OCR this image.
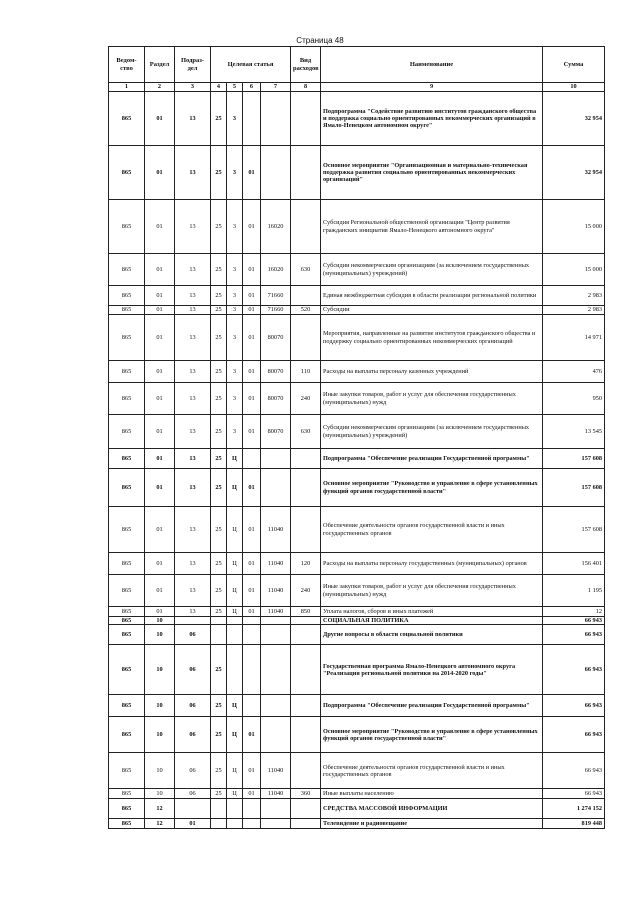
Страница 48
Ведом-ство	Раздел	Подраз-дел	Целевая статья				Вид расходов	Наименование	Сумма
1	2	3	4	5	6	7	8	9	10
865	01	13	25	3				Подпрограмма "Содействие развитию институтов гражданского общества и поддержка социально ориентированных некоммерческих организаций в Ямало-Ненецком автономном округе"	32 954
865	01	13	25	3	01			Основное мероприятие "Организационная и материально-техническая поддержка развития социально ориентированных некоммерческих организаций"	32 954
865	01	13	25	3	01	16020		Субсидия Региональной общественной организации "Центр развития гражданских инициатив Ямало-Ненецкого автономного округа"	15 000
865	01	13	25	3	01	16020	630	Субсидии некоммерческим организациям (за исключением государственных (муниципальных) учреждений)	15 000
865	01	13	25	3	01	71660		Единая межбюджетная субсидия в области реализации региональной политики	2 983
865	01	13	25	3	01	71660	520	Субсидии	2 983
865	01	13	25	3	01	80070		Мероприятия, направленные на развитие институтов гражданского общества и поддержку социально ориентированных некоммерческих организаций	14 971
865	01	13	25	3	01	80070	110	Расходы на выплаты персоналу казенных учреждений	476
865	01	13	25	3	01	80070	240	Иные закупки товаров, работ и услуг для обеспечения государственных (муниципальных) нужд	950
865	01	13	25	3	01	80070	630	Субсидии некоммерческим организациям (за исключением государственных (муниципальных) учреждений)	13 545
865	01	13	25	Ц				Подпрограмма "Обеспечение реализации Государственной программы"	157 608
865	01	13	25	Ц	01			Основное мероприятие "Руководство и управление в сфере установленных функций органов государственной власти"	157 608
865	01	13	25	Ц	01	11040		Обеспечение деятельности органов государственной власти и иных государственных органов	157 608
865	01	13	25	Ц	01	11040	120	Расходы на выплаты персоналу государственных (муниципальных) органов	156 401
865	01	13	25	Ц	01	11040	240	Иные закупки товаров, работ и услуг для обеспечения государственных (муниципальных) нужд	1 195
865	01	13	25	Ц	01	11040	850	Уплата налогов, сборов и иных платежей	12
865	10							СОЦИАЛЬНАЯ ПОЛИТИКА	66 943
865	10	06						Другие вопросы в области социальной политики	66 943
865	10	06	25					Государственная программа Ямало-Ненецкого автономного округа "Реализация региональной политики на 2014-2020 годы"	66 943
865	10	06	25	Ц				Подпрограмма "Обеспечение реализации Государственной программы"	66 943
865	10	06	25	Ц	01			Основное мероприятие "Руководство и управление в сфере установленных функций органов государственной власти"	66 943
865	10	06	25	Ц	01	11040		Обеспечение деятельности органов государственной власти и иных государственных органов	66 943
865	10	06	25	Ц	01	11040	360	Иные выплаты населению	66 943
865	12							СРЕДСТВА МАССОВОЙ ИНФОРМАЦИИ	1 274 152
865	12	01						Телевидение и радиовещание	819 448
